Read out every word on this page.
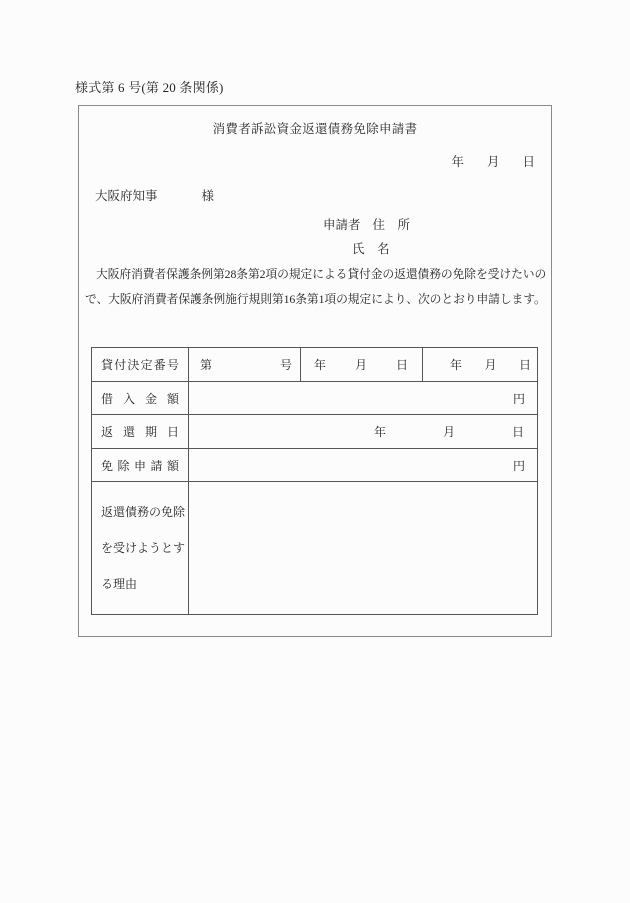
様式第 6 号(第 20 条関係)
消費者訴訟資金返還債務免除申請書
年 月 日
大阪府知事	様
申請者 住　所
氏　名
大阪府消費者保護条例第28条第2項の規定による貸付金の返還債務の免除を受けたいの
で、大阪府消費者保護条例施行規則第16条第1項の規定により、次のとおり申請します。
貸付決定番号	第 号	年 月 日	年 月 日

借入金額	円		
返還期日	年 月 日		

免除申請額	円		

返還債務の免除
を受けようとす
る理由			
